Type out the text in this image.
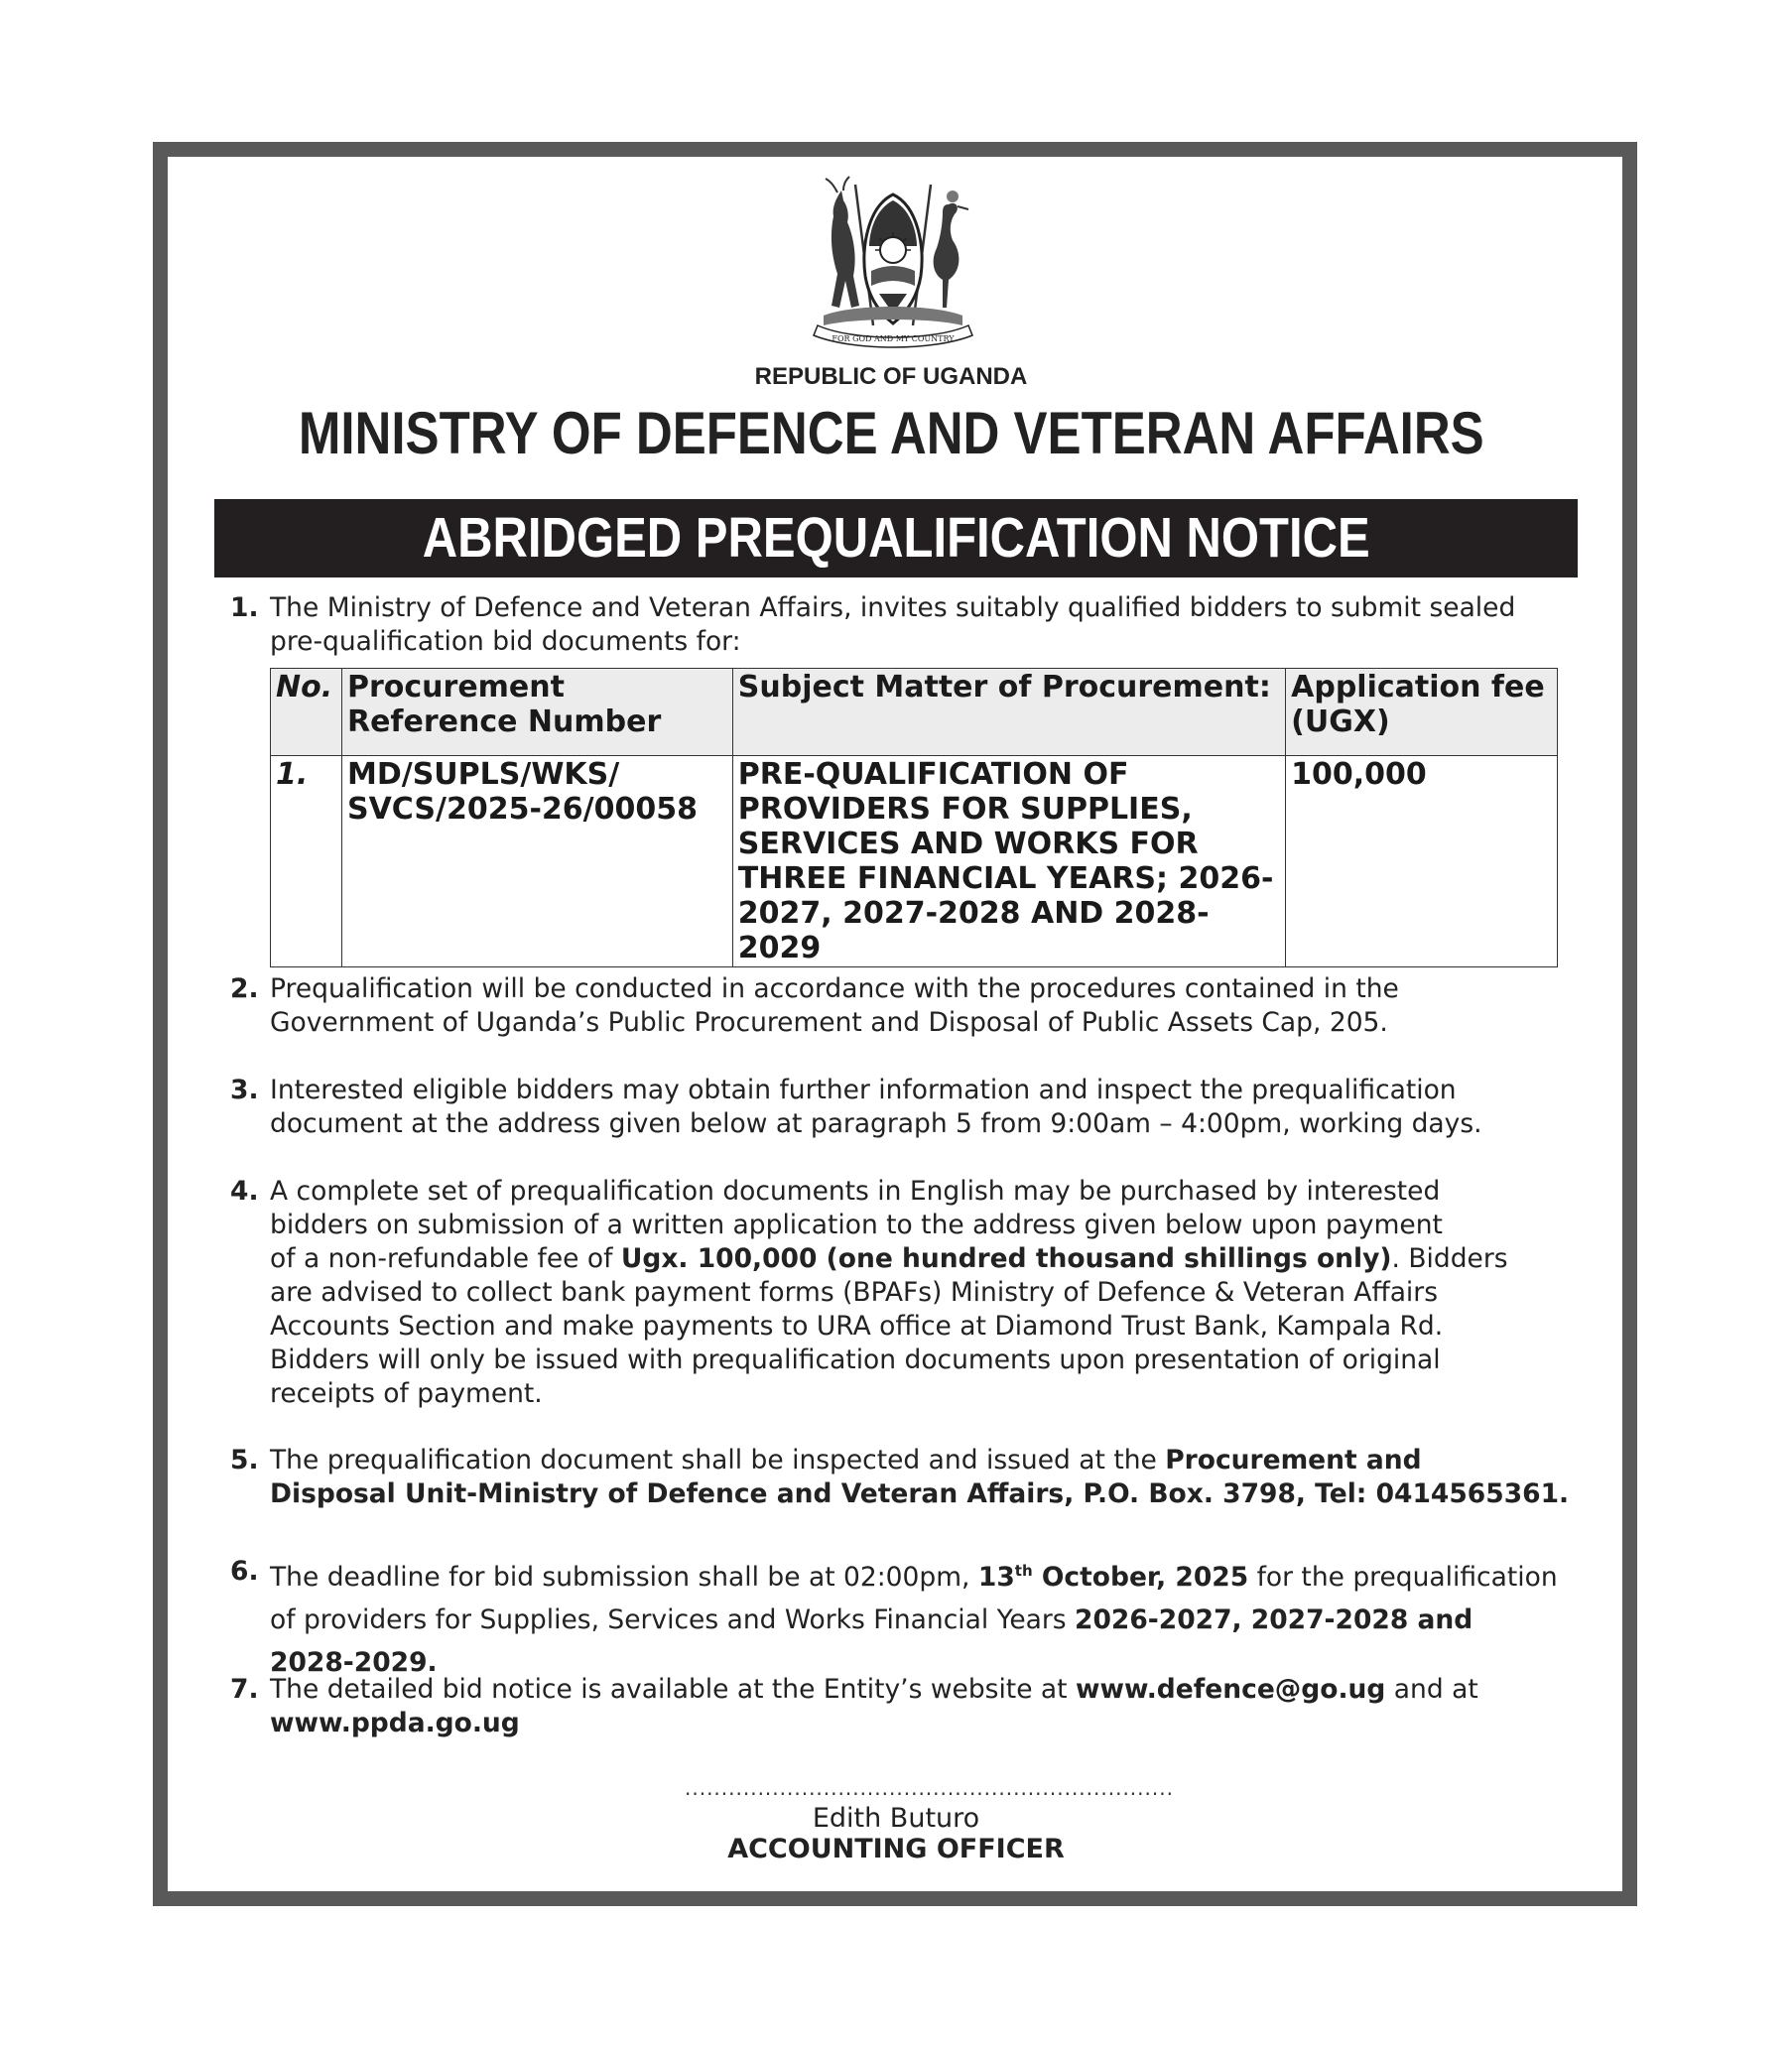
FOR GOD AND MY COUNTRY
REPUBLIC OF UGANDA
MINISTRY OF DEFENCE AND VETERAN AFFAIRS
ABRIDGED PREQUALIFICATION NOTICE
1. The Ministry of Defence and Veteran Affairs, invites suitably qualified bidders to submit sealed
pre-qualification bid documents for:
No.	Procurement Reference Number	Subject Matter of Procurement:	Application fee (UGX)
1.	MD/SUPLS/WKS/ SVCS/2025-26/00058	PRE-QUALIFICATION OF PROVIDERS FOR SUPPLIES, SERVICES AND WORKS FOR THREE FINANCIAL YEARS; 2026-2027, 2027-2028 AND 2028-2029	100,000
2. Prequalification will be conducted in accordance with the procedures contained in the
Government of Uganda’s Public Procurement and Disposal of Public Assets Cap, 205.
3. Interested eligible bidders may obtain further information and inspect the prequalification
document at the address given below at paragraph 5 from 9:00am – 4:00pm, working days.
4. A complete set of prequalification documents in English may be purchased by interested
bidders on submission of a written application to the address given below upon payment
of a non-refundable fee of Ugx. 100,000 (one hundred thousand shillings only). Bidders
are advised to collect bank payment forms (BPAFs) Ministry of Defence & Veteran Affairs
Accounts Section and make payments to URA office at Diamond Trust Bank, Kampala Rd.
Bidders will only be issued with prequalification documents upon presentation of original
receipts of payment.
5. The prequalification document shall be inspected and issued at the Procurement and
Disposal Unit-Ministry of Defence and Veteran Affairs, P.O. Box. 3798, Tel: 0414565361.
6. The deadline for bid submission shall be at 02:00pm, 13th October, 2025 for the prequalification
of providers for Supplies, Services and Works Financial Years 2026-2027, 2027-2028 and
2028-2029.
7. The detailed bid notice is available at the Entity’s website at www.defence@go.ug and at
www.ppda.go.ug
...................................................................
Edith Buturo
ACCOUNTING OFFICER
